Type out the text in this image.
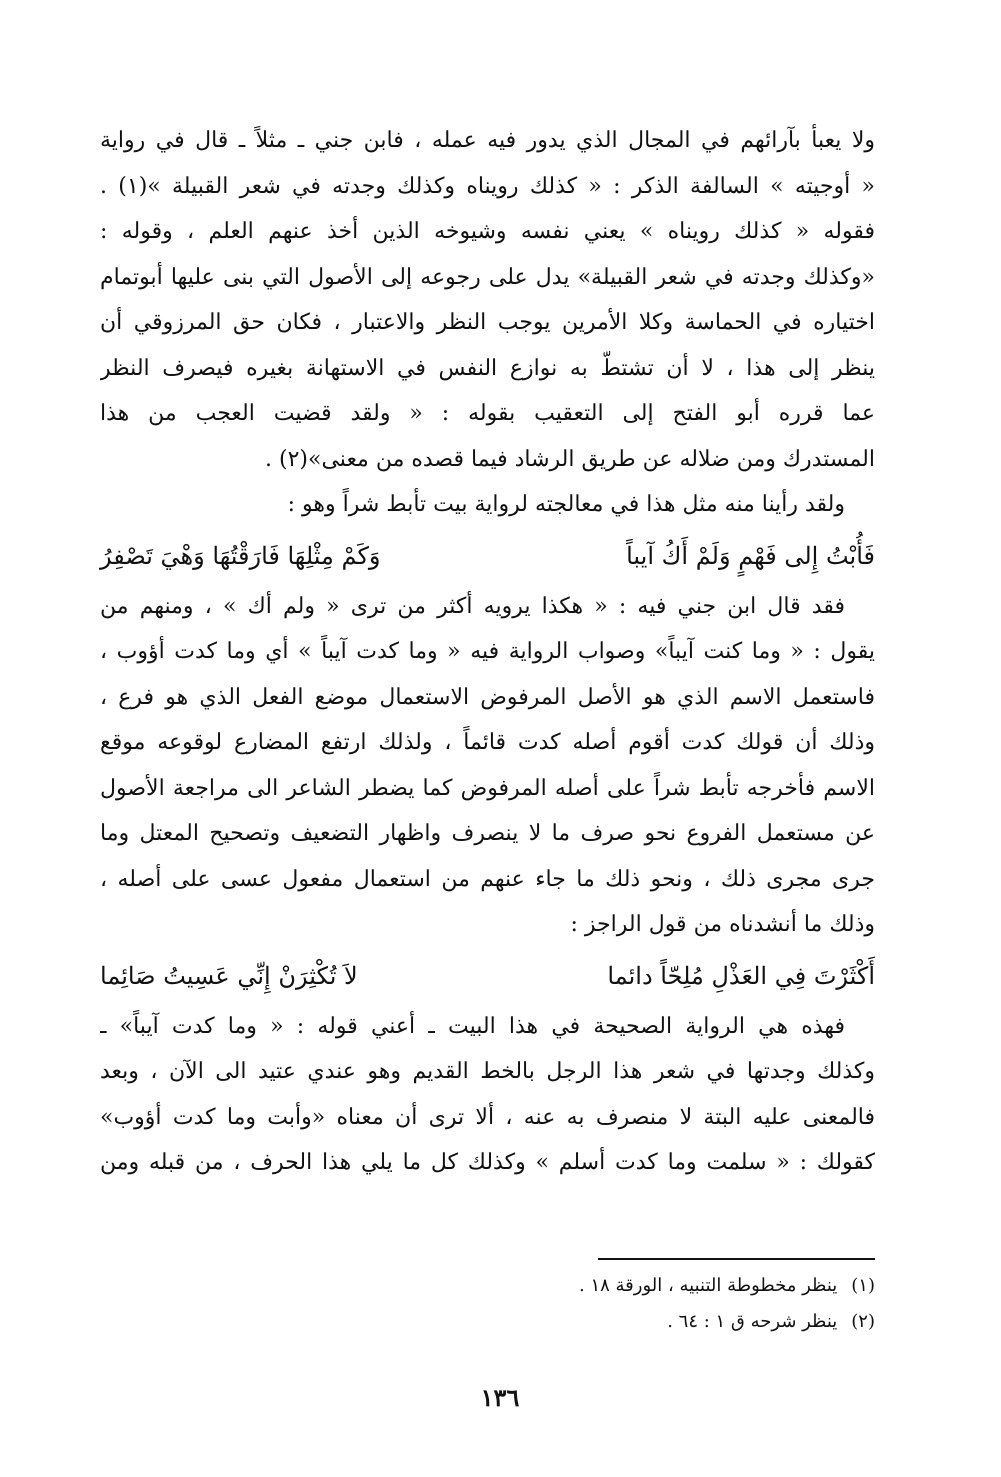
ولا يعبأ بآرائهم في المجال الذي يدور فيه عمله ، فابن جني ـ مثلاً ـ قال في رواية
« أوجيته » السالفة الذكر : « كذلك رويناه وكذلك وجدته في شعر القبيلة »(١) .
فقوله « كذلك رويناه » يعني نفسه وشيوخه الذين أخذ عنهم العلم ، وقوله :
«وكذلك وجدته في شعر القبيلة» يدل على رجوعه إلى الأصول التي بنى عليها أبوتمام
اختياره في الحماسة وكلا الأمرين يوجب النظر والاعتبار ، فكان حق المرزوقي أن
ينظر إلى هذا ، لا أن تشتطّ به نوازع النفس في الاستهانة بغيره فيصرف النظر
عما قرره أبو الفتح إلى التعقيب بقوله : « ولقد قضيت العجب من هذا
المستدرك ومن ضلاله عن طريق الرشاد فيما قصده من معنى»(٢) .
ولقد رأينا منه مثل هذا في معالجته لرواية بيت تأبط شراً وهو :
فَأُبْتُ إِلى فَهْمٍ وَلَمْ أَكُ آيباً
وَكَمْ مِثْلِهَا فَارَقْتُهَا وَهْيَ تَصْفِرُ
فقد قال ابن جني فيه : « هكذا يرويه أكثر من ترى « ولم أك » ، ومنهم من
يقول : « وما كنت آيباً» وصواب الرواية فيه « وما كدت آيباً » أي وما كدت أؤوب ،
فاستعمل الاسم الذي هو الأصل المرفوض الاستعمال موضع الفعل الذي هو فرع ،
وذلك أن قولك كدت أقوم أصله كدت قائماً ، ولذلك ارتفع المضارع لوقوعه موقع
الاسم فأخرجه تأبط شراً على أصله المرفوض كما يضطر الشاعر الى مراجعة الأصول
عن مستعمل الفروع نحو صرف ما لا ينصرف واظهار التضعيف وتصحيح المعتل وما
جرى مجرى ذلك ، ونحو ذلك ما جاء عنهم من استعمال مفعول عسى على أصله ،
وذلك ما أنشدناه من قول الراجز :
أَكْثَرْتَ فِي العَذْلِ مُلِحّاً دائما
لاَ تُكْثِرَنْ إِنِّي عَسِيتُ صَائِما
فهذه هي الرواية الصحيحة في هذا البيت ـ أعني قوله : « وما كدت آيباً» ـ
وكذلك وجدتها في شعر هذا الرجل بالخط القديم وهو عندي عتيد الى الآن ، وبعد
فالمعنى عليه البتة لا منصرف به عنه ، ألا ترى أن معناه «وأبت وما كدت أؤوب»
كقولك : « سلمت وما كدت أسلم » وكذلك كل ما يلي هذا الحرف ، من قبله ومن
(١)ينظر مخطوطة التنبيه ، الورقة ١٨ .
(٢)ينظر شرحه ق ١ : ٦٤ .
١٣٦
